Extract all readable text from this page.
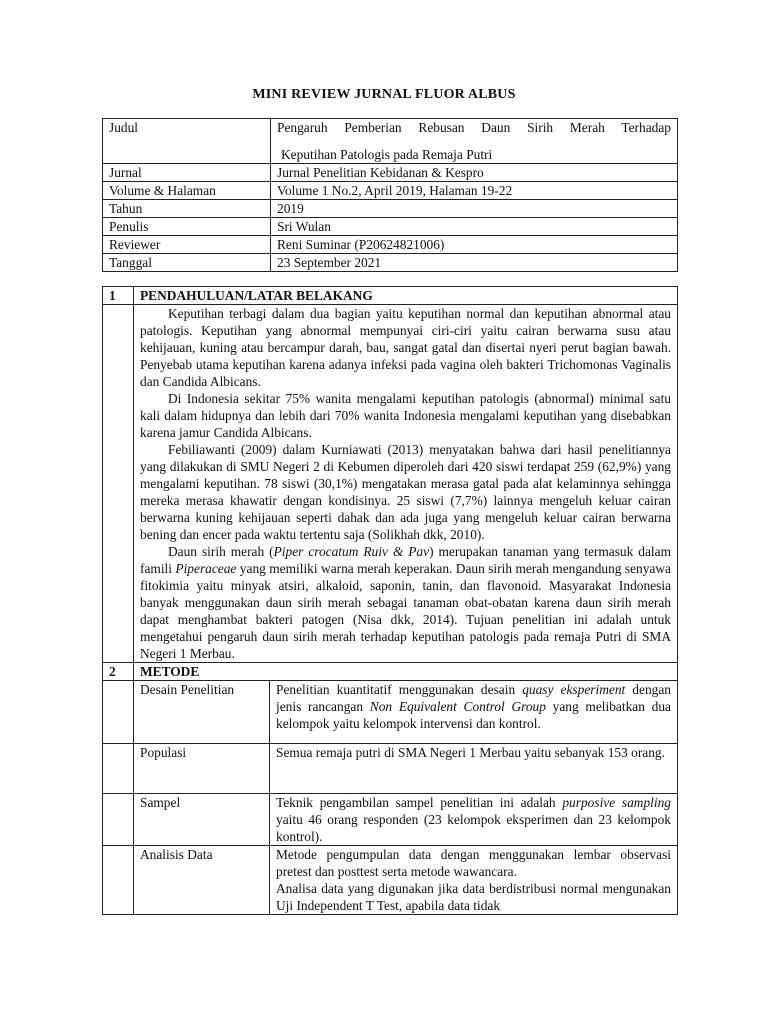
MINI REVIEW JURNAL FLUOR ALBUS
Judul	Pengaruh Pemberian Rebusan Daun Sirih Merah Terhadap
Keputihan Patologis pada Remaja Putri

Jurnal	Jurnal Penelitian Kebidanan & Kespro
Volume & Halaman	Volume 1 No.2, April 2019, Halaman 19-22
Tahun	2019
Penulis	Sri Wulan
Reviewer	Reni Suminar (P20624821006)
Tanggal	23 September 2021
1	PENDAHULUAN/LATAR BELAKANG	

	Keputihan terbagi dalam dua bagian yaitu keputihan normal dan keputihan abnormal atau patologis. Keputihan yang abnormal mempunyai ciri-ciri yaitu cairan berwarna susu atau kehijauan, kuning atau bercampur darah, bau, sangat gatal dan disertai nyeri perut bagian bawah. Penyebab utama keputihan karena adanya infeksi pada vagina oleh bakteri Trichomonas Vaginalis dan Candida Albicans.

Di Indonesia sekitar 75% wanita mengalami keputihan patologis (abnormal) minimal satu kali dalam hidupnya dan lebih dari 70% wanita Indonesia mengalami keputihan yang disebabkan karena jamur Candida Albicans.

Febiliawanti (2009) dalam Kurniawati (2013) menyatakan bahwa dari hasil penelitiannya yang dilakukan di SMU Negeri 2 di Kebumen diperoleh dari 420 siswi terdapat 259 (62,9%) yang mengalami keputihan. 78 siswi (30,1%) mengatakan merasa gatal pada alat kelaminnya sehingga mereka merasa khawatir dengan kondisinya. 25 siswi (7,7%) lainnya mengeluh keluar cairan berwarna kuning kehijauan seperti dahak dan ada juga yang mengeluh keluar cairan berwarna bening dan encer pada waktu tertentu saja (Solikhah dkk, 2010).

Daun sirih merah (Piper crocatum Ruiv & Pav) merupakan tanaman yang termasuk dalam famili Piperaceae yang memiliki warna merah keperakan. Daun sirih merah mengandung senyawa fitokimia yaitu minyak atsiri, alkaloid, saponin, tanin, dan flavonoid. Masyarakat Indonesia banyak menggunakan daun sirih merah sebagai tanaman obat-obatan karena daun sirih merah dapat menghambat bakteri patogen (Nisa dkk, 2014). Tujuan penelitian ini adalah untuk mengetahui pengaruh daun sirih merah terhadap keputihan patologis pada remaja Putri di SMA Negeri 1 Merbau.	

2	METODE	
	Desain Penelitian	Penelitian kuantitatif menggunakan desain quasy eksperiment dengan jenis rancangan Non Equivalent Control Group yang melibatkan dua kelompok yaitu kelompok intervensi dan kontrol.
	Populasi	Semua remaja putri di SMA Negeri 1 Merbau yaitu sebanyak 153 orang.
	Sampel	Teknik pengambilan sampel penelitian ini adalah purposive sampling yaitu 46 orang responden (23 kelompok eksperimen dan 23 kelompok kontrol).
	Analisis Data	Metode pengumpulan data dengan menggunakan lembar observasi pretest dan posttest serta metode wawancara.

Analisa data yang digunakan jika data berdistribusi normal mengunakan Uji Independent T Test, apabila data tidak
